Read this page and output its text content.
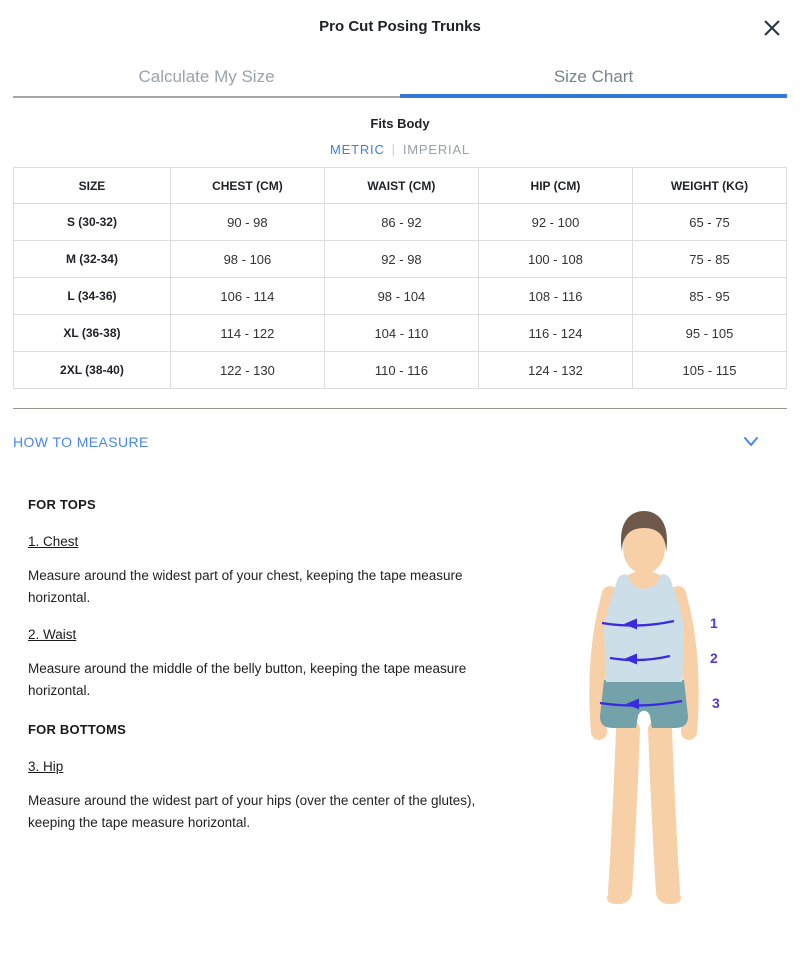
Pro Cut Posing Trunks
Calculate My Size	Size Chart
Fits Body
METRIC | IMPERIAL
SIZE	CHEST (CM)	WAIST (CM)	HIP (CM)	WEIGHT (KG)
S (30-32)	90 - 98	86 - 92	92 - 100	65 - 75
M (32-34)	98 - 106	92 - 98	100 - 108	75 - 85
L (34-36)	106 - 114	98 - 104	108 - 116	85 - 95
XL (36-38)	114 - 122	104 - 110	116 - 124	95 - 105
2XL (38-40)	122 - 130	110 - 116	124 - 132	105 - 115
HOW TO MEASURE
FOR TOPS
1. Chest
Measure around the widest part of your chest, keeping the tape measure horizontal.
2. Waist
Measure around the middle of the belly button, keeping the tape measure horizontal.
FOR BOTTOMS
3. Hip
Measure around the widest part of your hips (over the center of the glutes), keeping the tape measure horizontal.
1
2
3
